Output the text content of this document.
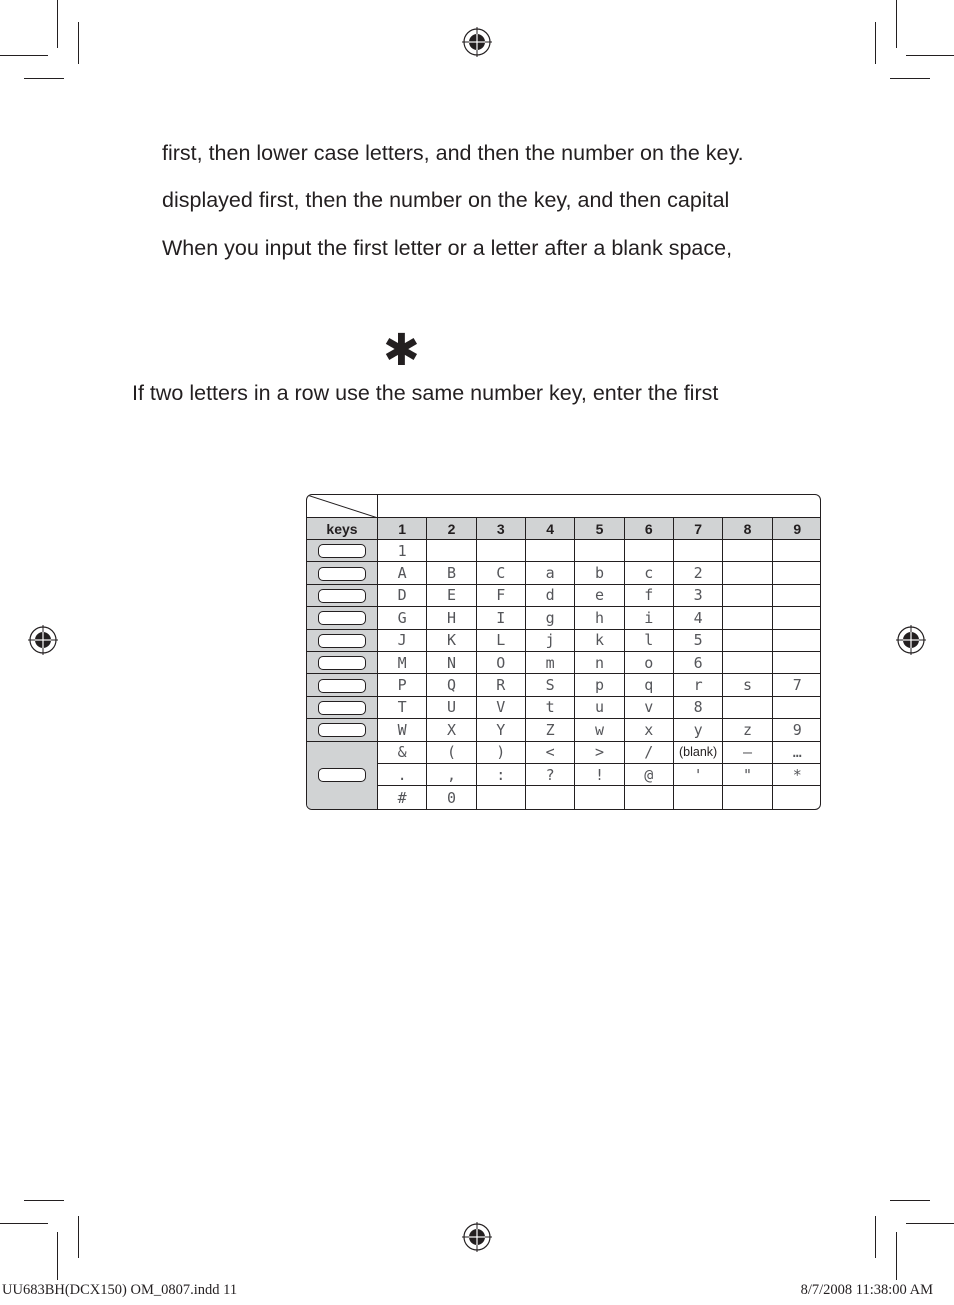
first, then lower case letters, and then the number on the key.
displayed first, then the number on the key, and then capital
When you input the first letter or a letter after a blank space,
✱
If two letters in a row use the same number key, enter the first
keys	1	2	3	4	5	6	7	8	9
1
A	B	C	a	b	c	2
D	E	F	d	e	f	3
G	H	I	g	h	i	4
J	K	L	j	k	l	5
M	N	O	m	n	o	6
P	Q	R	S	p	q	r	s	7
T	U	V	t	u	v	8
W	X	Y	Z	w	x	y	z	9
&	(	)	<	>	/	(blank)	–	…
.	,	:	?	!	@	'	"	*
#	0
UU683BH(DCX150) OM_0807.indd 11	8/7/2008 11:38:00 AM
